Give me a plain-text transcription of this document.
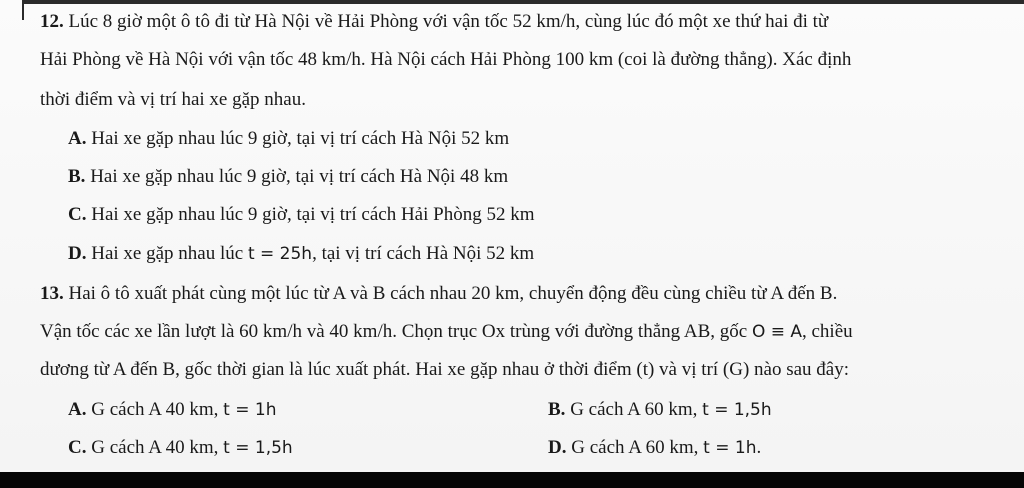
12. Lúc 8 giờ một ô tô đi từ Hà Nội về Hải Phòng với vận tốc 52 km/h, cùng lúc đó một xe thứ hai đi từ
Hải Phòng về Hà Nội với vận tốc 48 km/h. Hà Nội cách Hải Phòng 100 km (coi là đường thẳng). Xác định
thời điểm và vị trí hai xe gặp nhau.
A. Hai xe gặp nhau lúc 9 giờ, tại vị trí cách Hà Nội 52 km
B. Hai xe gặp nhau lúc 9 giờ, tại vị trí cách Hà Nội 48 km
C. Hai xe gặp nhau lúc 9 giờ, tại vị trí cách Hải Phòng 52 km
D. Hai xe gặp nhau lúc t = 25h, tại vị trí cách Hà Nội 52 km
13. Hai ô tô xuất phát cùng một lúc từ A và B cách nhau 20 km, chuyển động đều cùng chiều từ A đến B.
Vận tốc các xe lần lượt là 60 km/h và 40 km/h. Chọn trục Ox trùng với đường thẳng AB, gốc O ≡ A, chiều
dương từ A đến B, gốc thời gian là lúc xuất phát. Hai xe gặp nhau ở thời điểm (t) và vị trí (G) nào sau đây:
A. G cách A 40 km, t = 1h	B. G cách A 60 km, t = 1,5h
C. G cách A 40 km, t = 1,5h	D. G cách A 60 km, t = 1h.
